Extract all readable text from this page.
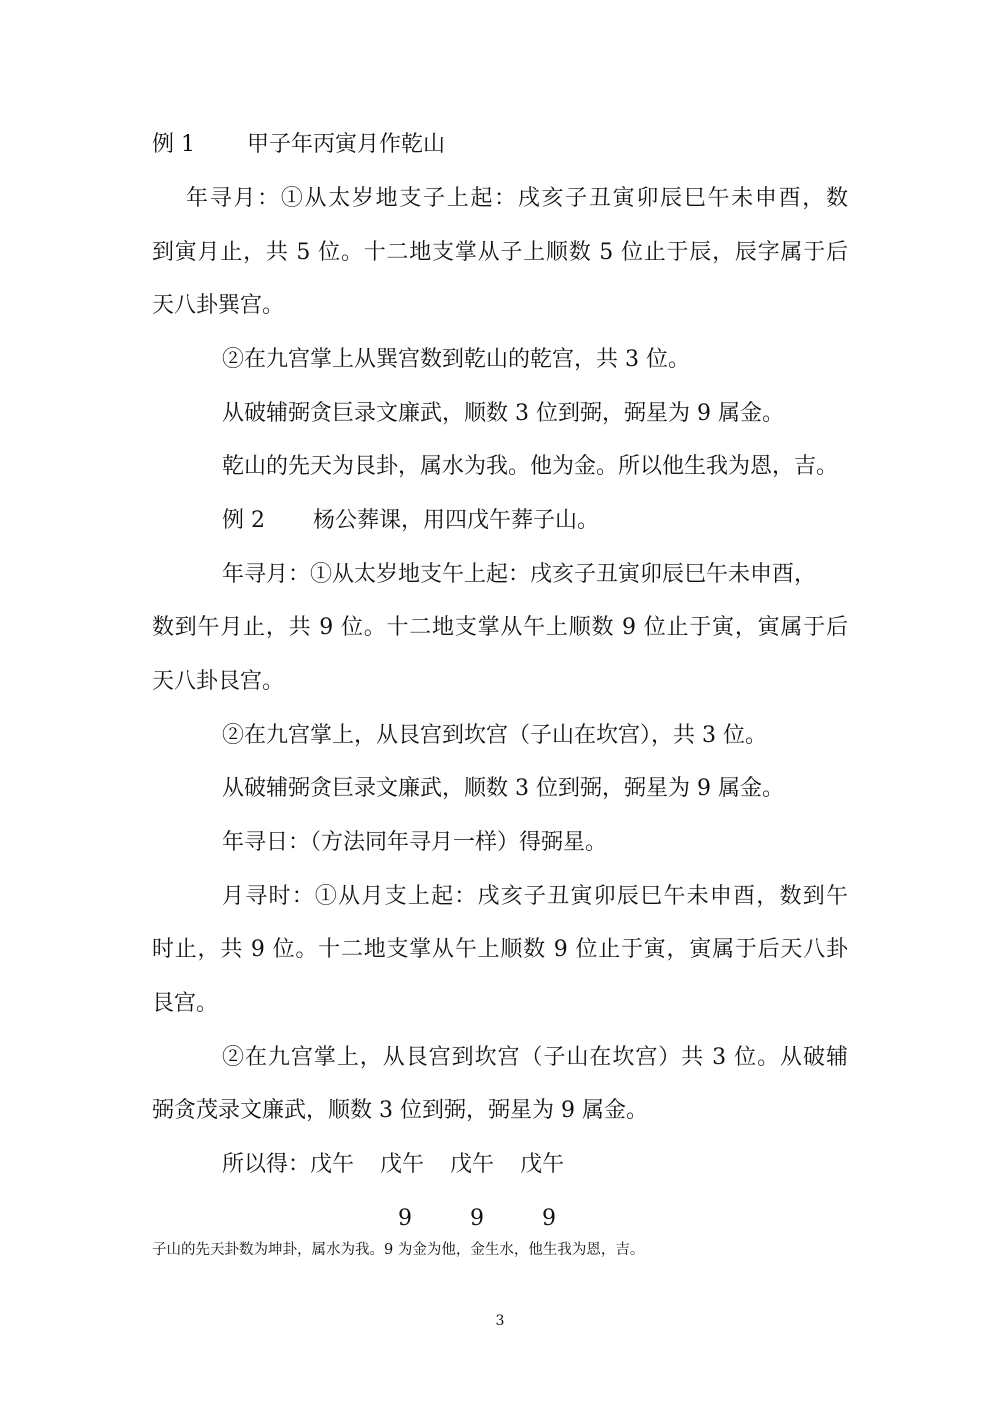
例 1 甲子年丙寅月作乾山
年寻月：①从太岁地支子上起：戌亥子丑寅卯辰巳午未申酉，数
到寅月止，共 5 位。十二地支掌从子上顺数 5 位止于辰，辰字属于后
天八卦巽宫。
②在九宫掌上从巽宫数到乾山的乾宫，共 3 位。
从破辅弼贪巨录文廉武，顺数 3 位到弼，弼星为 9 属金。
乾山的先天为艮卦，属水为我。他为金。所以他生我为恩，吉。
例 2 杨公葬课，用四戊午葬子山。
年寻月：①从太岁地支午上起：戌亥子丑寅卯辰巳午未申酉，
数到午月止，共 9 位。十二地支掌从午上顺数 9 位止于寅，寅属于后
天八卦艮宫。
②在九宫掌上，从艮宫到坎宫（子山在坎宫），共 3 位。
从破辅弼贪巨录文廉武，顺数 3 位到弼，弼星为 9 属金。
年寻日：（方法同年寻月一样）得弼星。
月寻时：①从月支上起：戌亥子丑寅卯辰巳午未申酉，数到午
时止，共 9 位。十二地支掌从午上顺数 9 位止于寅，寅属于后天八卦
艮宫。
②在九宫掌上，从艮宫到坎宫（子山在坎宫）共 3 位。从破辅
弼贪茂录文廉武，顺数 3 位到弼，弼星为 9 属金。
所以得：戊午 戊午 戊午 戊午
9	9	9
子山的先天卦数为坤卦，属水为我。9 为金为他，金生水，他生我为恩，吉。
3
